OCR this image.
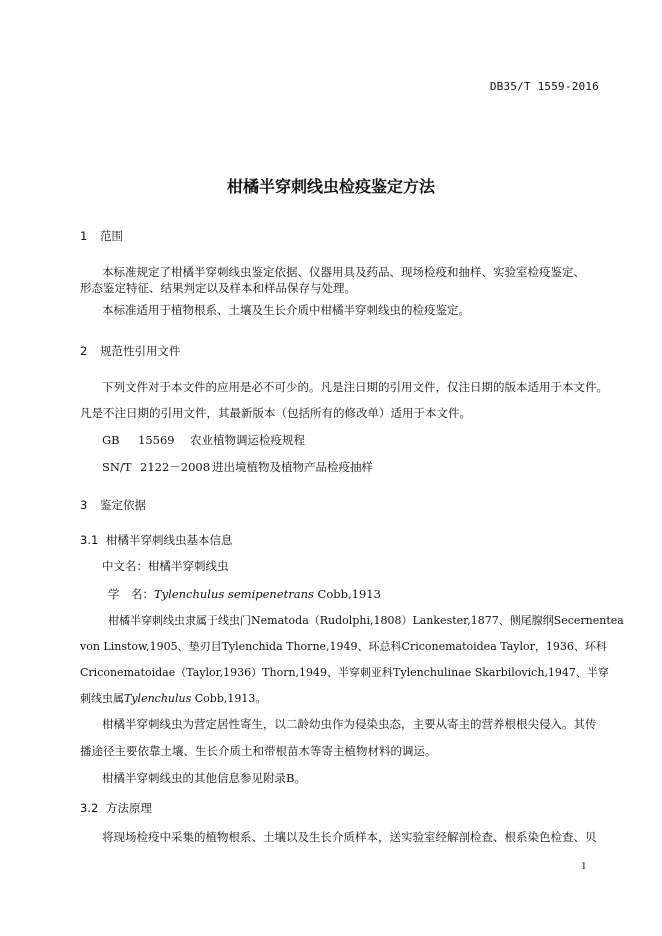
DB35/T 1559-2016
柑橘半穿刺线虫检疫鉴定方法
1 范围
本标准规定了柑橘半穿刺线虫鉴定依据、仪器用具及药品、现场检疫和抽样、实验室检疫鉴定、
形态鉴定特征、结果判定以及样本和样品保存与处理。
本标准适用于植物根系、土壤及生长介质中柑橘半穿刺线虫的检疫鉴定。
2 规范性引用文件
下列文件对于本文件的应用是必不可少的。凡是注日期的引用文件，仅注日期的版本适用于本文件。
凡是不注日期的引用文件，其最新版本（包括所有的修改单）适用于本文件。
GB 15569 农业植物调运检疫规程
SN/T 2122－2008 进出境植物及植物产品检疫抽样
3 鉴定依据
3.1 柑橘半穿刺线虫基本信息
中文名：柑橘半穿刺线虫
学　名：Tylenchulus semipenetrans Cobb,1913
柑橘半穿刺线虫隶属于线虫门Nematoda（Rudolphi,1808）Lankester,1877、侧尾腺纲Secernentea
von Linstow,1905、垫刃目Tylenchida Thorne,1949、环总科Criconematoidea Taylor，1936、环科
Criconematoidae（Taylor,1936）Thorn,1949、半穿刺亚科Tylenchulinae Skarbilovich,1947、半穿
刺线虫属Tylenchulus Cobb,1913。
柑橘半穿刺线虫为营定居性寄生，以二龄幼虫作为侵染虫态，主要从寄主的营养根根尖侵入。其传
播途径主要依靠土壤、生长介质土和带根苗木等寄主植物材料的调运。
柑橘半穿刺线虫的其他信息参见附录B。
3.2 方法原理
将现场检疫中采集的植物根系、土壤以及生长介质样本，送实验室经解剖检查、根系染色检查、贝
1
